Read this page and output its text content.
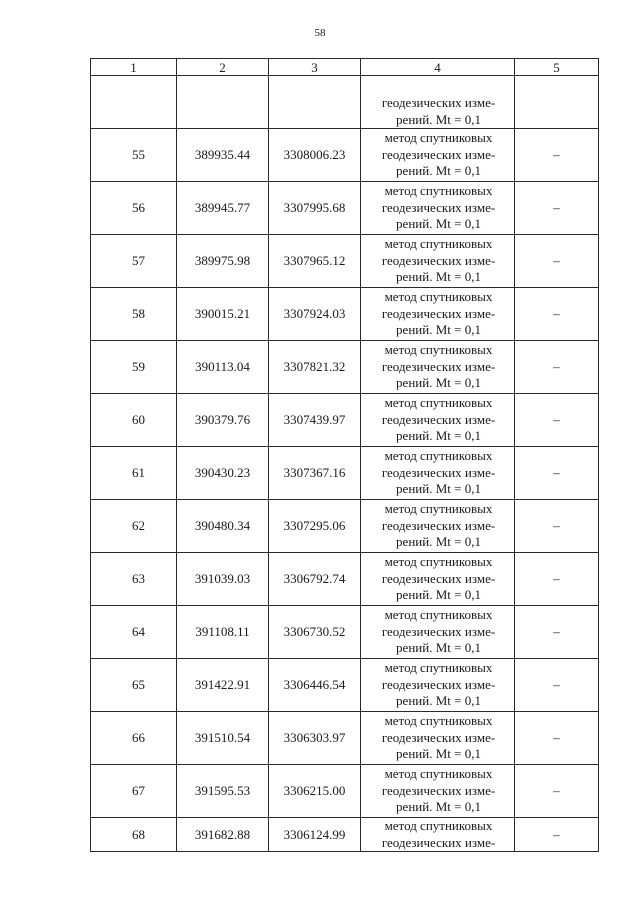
58
1	2	3	4	5

			геодезических изме-
рений. Mt = 0,1	

55	389935.44	3308006.23	метод спутниковых
геодезических изме-
рений. Mt = 0,1	–
56	389945.77	3307995.68	метод спутниковых
геодезических изме-
рений. Mt = 0,1	–
57	389975.98	3307965.12	метод спутниковых
геодезических изме-
рений. Mt = 0,1	–
58	390015.21	3307924.03	метод спутниковых
геодезических изме-
рений. Mt = 0,1	–
59	390113.04	3307821.32	метод спутниковых
геодезических изме-
рений. Mt = 0,1	–
60	390379.76	3307439.97	метод спутниковых
геодезических изме-
рений. Mt = 0,1	–
61	390430.23	3307367.16	метод спутниковых
геодезических изме-
рений. Mt = 0,1	–
62	390480.34	3307295.06	метод спутниковых
геодезических изме-
рений. Mt = 0,1	–
63	391039.03	3306792.74	метод спутниковых
геодезических изме-
рений. Mt = 0,1	–
64	391108.11	3306730.52	метод спутниковых
геодезических изме-
рений. Mt = 0,1	–
65	391422.91	3306446.54	метод спутниковых
геодезических изме-
рений. Mt = 0,1	–
66	391510.54	3306303.97	метод спутниковых
геодезических изме-
рений. Mt = 0,1	–
67	391595.53	3306215.00	метод спутниковых
геодезических изме-
рений. Mt = 0,1	–
68	391682.88	3306124.99	метод спутниковых
геодезических изме-	–
